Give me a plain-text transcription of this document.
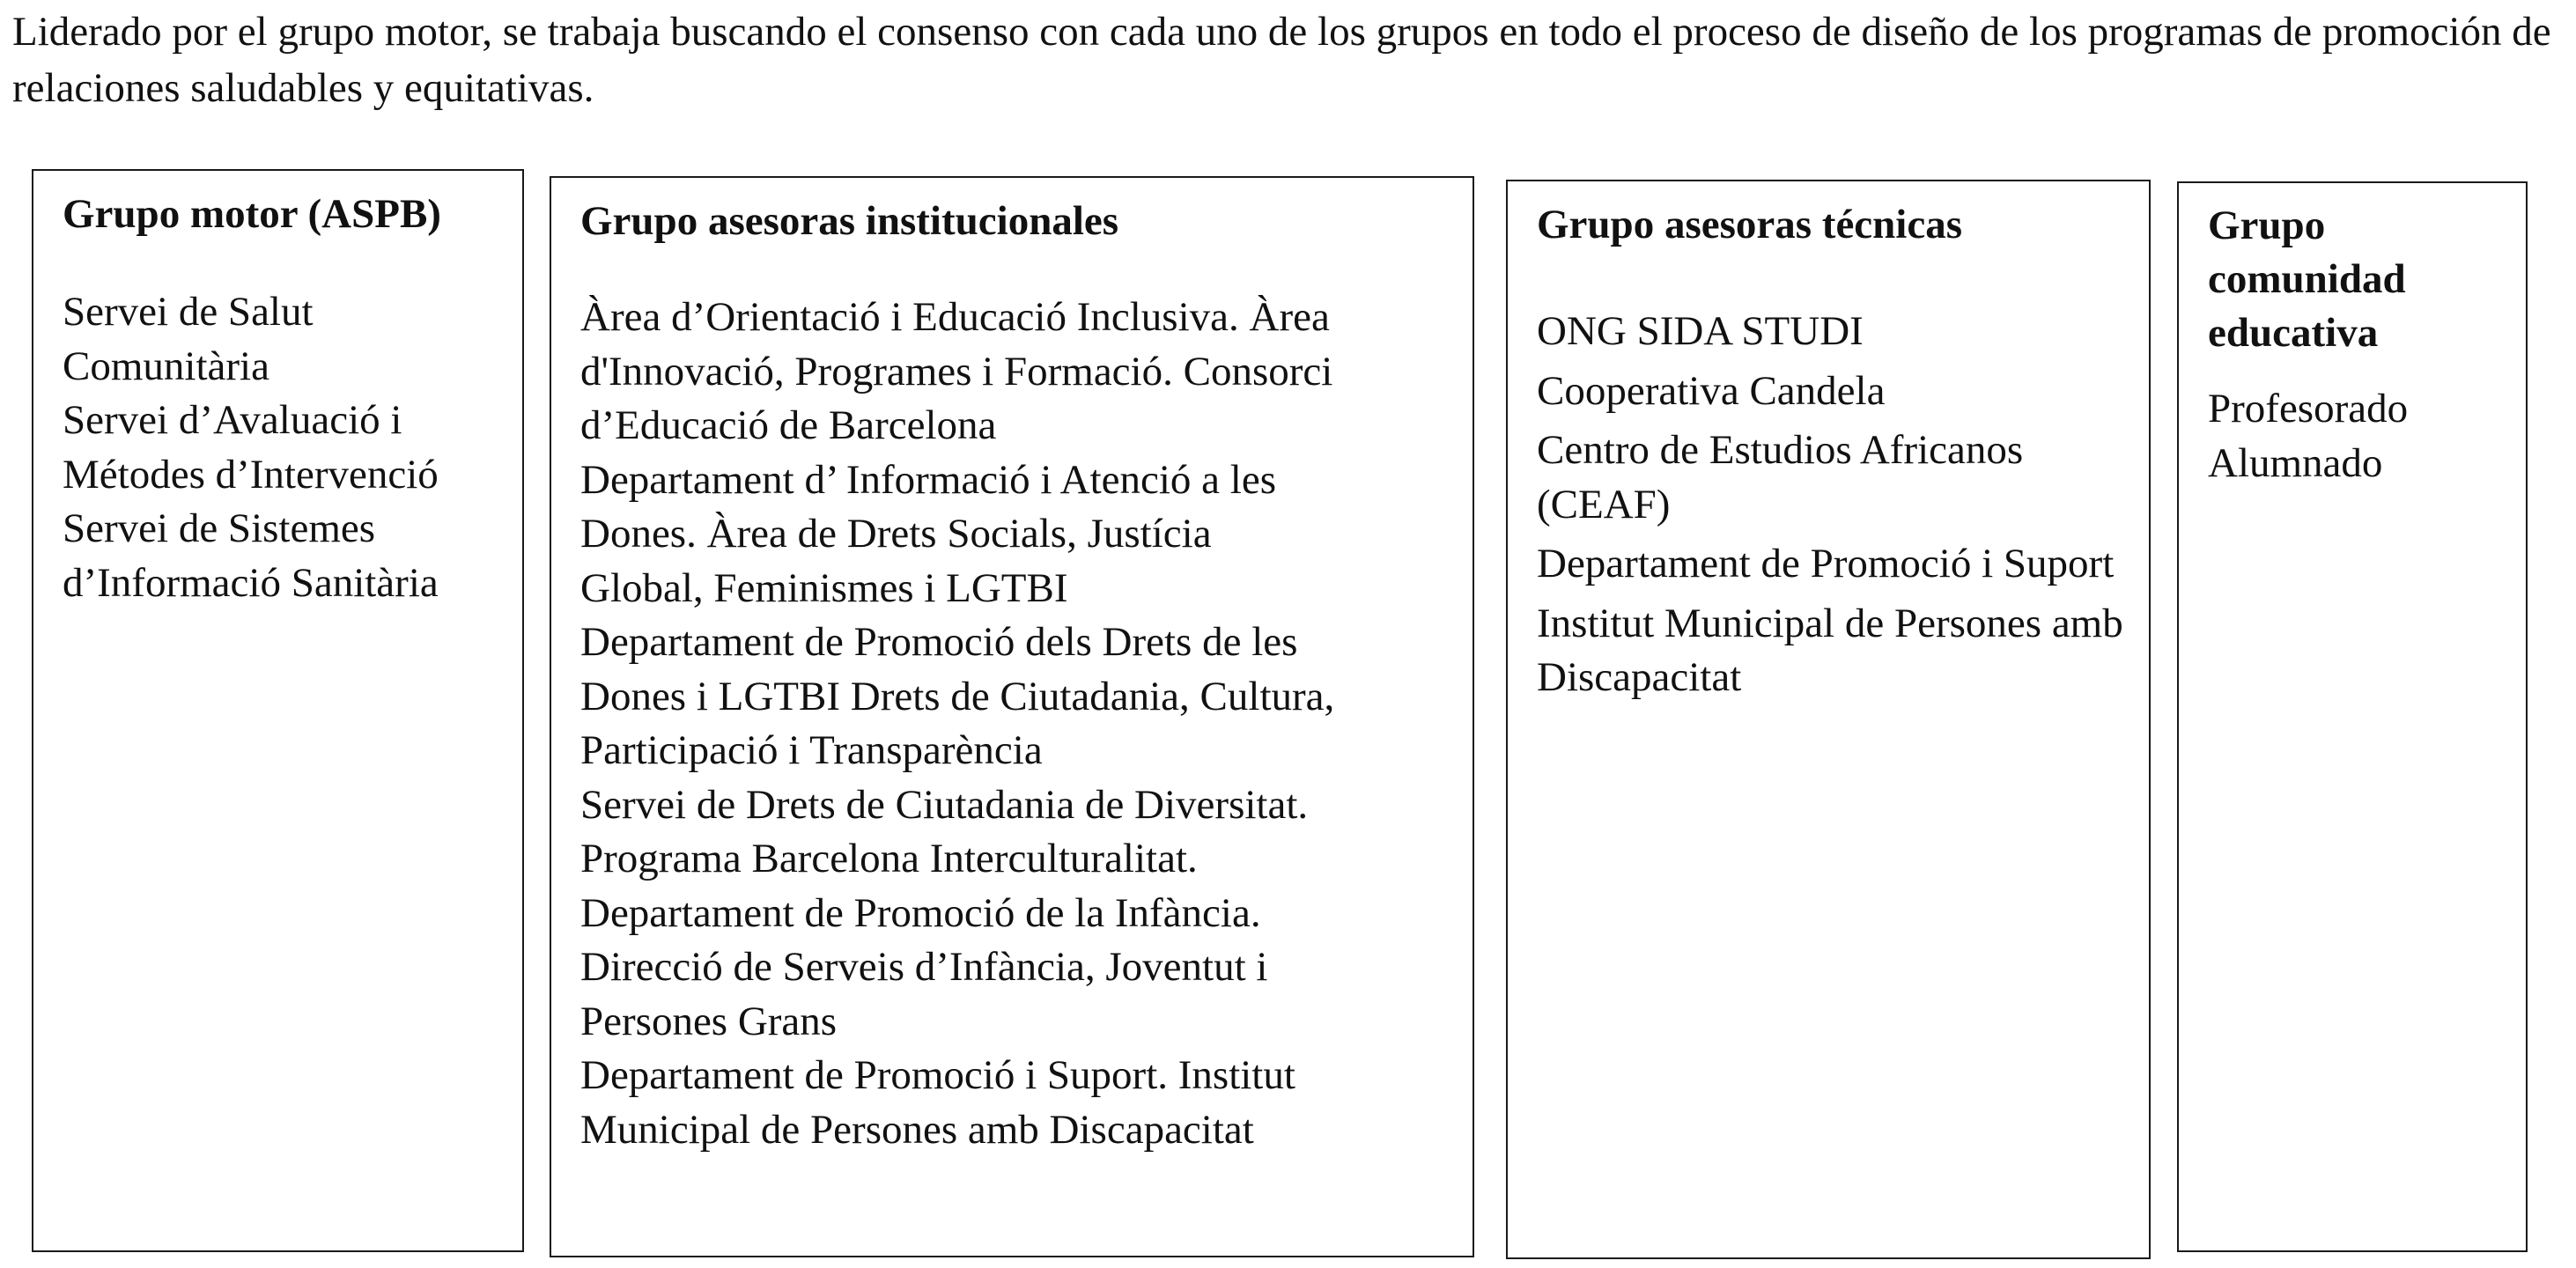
Liderado por el grupo motor, se trabaja buscando el consenso con cada uno de los grupos en todo el proceso de diseño de los programas de promoción de relaciones saludables y equitativas.

Grupo motor (ASPB)
Servei de Salut
Comunitària
Servei d’Avaluació i
Métodes d’Intervenció
Servei de Sistemes
d’Informació Sanitària
Grupo asesoras institucionales
Àrea d’Orientació i Educació Inclusiva. Àrea
d'Innovació, Programes i Formació. Consorci
d’Educació de Barcelona
Departament d’ Informació i Atenció a les
Dones. Àrea de Drets Socials, Justícia
Global, Feminismes i LGTBI
Departament de Promoció dels Drets de les
Dones i LGTBI Drets de Ciutadania, Cultura,
Participació i Transparència
Servei de Drets de Ciutadania de Diversitat.
Programa Barcelona Interculturalitat.
Departament de Promoció de la Infància.
Direcció de Serveis d’Infància, Joventut i
Persones Grans
Departament de Promoció i Suport. Institut
Municipal de Persones amb Discapacitat
Grupo asesoras técnicas
ONG SIDA STUDI
Cooperativa Candela
Centro de Estudios Africanos (CEAF)
Departament de Promoció i Suport
Institut Municipal de Persones amb Discapacitat
Grupo comunidad educativa
Profesorado
Alumnado
